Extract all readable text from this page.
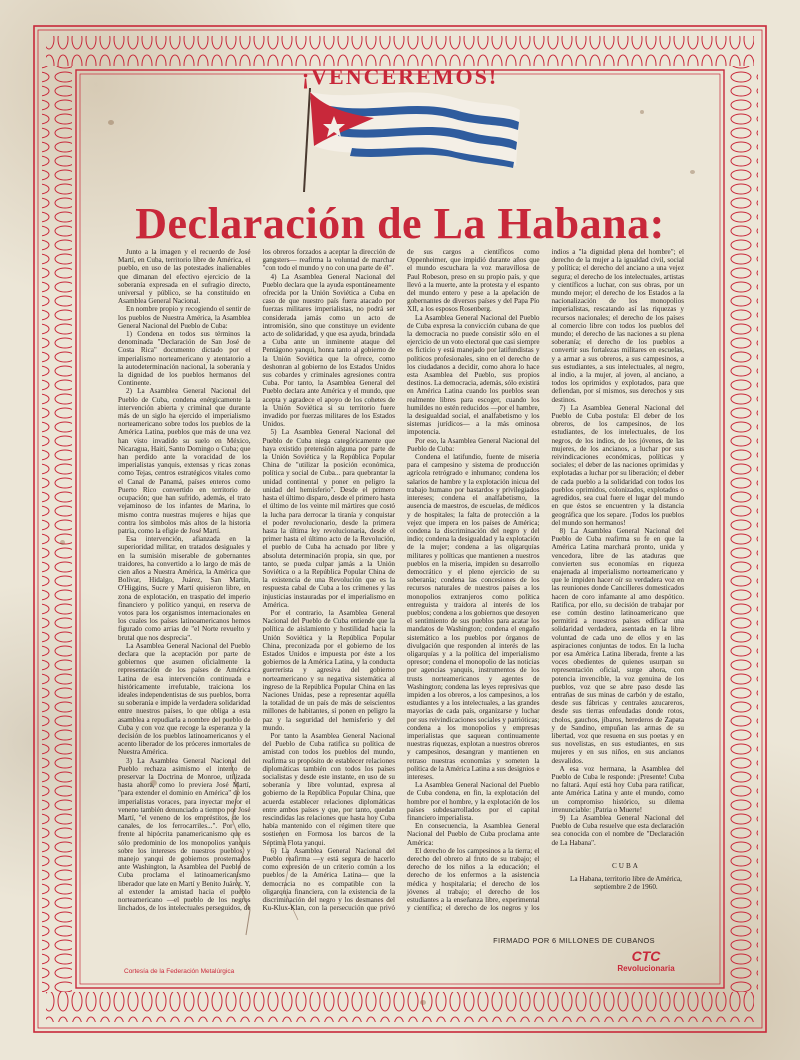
¡VENCEREMOS!
Declaración de La Habana:

Junto a la imagen y el recuerdo de José Martí, en Cuba, territorio libre de América, el pueblo, en uso de las potestades inalienables que dimanan del efectivo ejercicio de la soberanía expresada en el sufragio directo, universal y público, se ha constituido en Asamblea General Nacional.

En nombre propio y recogiendo el sentir de los pueblos de Nuestra América, la Asamblea General Nacional del Pueblo de Cuba:

1) Condena en todos sus términos la denominada "Declaración de San José de Costa Rica" documento dictado por el imperialismo norteamericano y atentatorio a la autodeterminación nacional, la soberanía y la dignidad de los pueblos hermanos del Continente.

2) La Asamblea General Nacional del Pueblo de Cuba, condena enérgicamente la intervención abierta y criminal que durante más de un siglo ha ejercido el imperialismo norteamericano sobre todos los pueblos de la América Latina, pueblos que más de una vez han visto invadido su suelo en México, Nicaragua, Haití, Santo Domingo o Cuba; que han perdido ante la voracidad de los imperialistas yanquis, extensas y ricas zonas como Tejas, centros estratégicos vitales como el Canal de Panamá, países enteros como Puerto Rico convertido en territorio de ocupación; que han sufrido, además, el trato vejaminoso de los infantes de Marina, lo mismo contra nuestras mujeres e hijas que contra los símbolos más altos de la historia patria, como la efigie de José Martí.

Esa intervención, afianzada en la superioridad militar, en tratados desiguales y en la sumisión miserable de gobernantes traidores, ha convertido a lo largo de más de cien años a Nuestra América, la América que Bolívar, Hidalgo, Juárez, San Martín, O'Higgins, Sucre y Martí quisieron libre, en zona de explotación, en traspatio del imperio financiero y político yanqui, en reserva de votos para los organismos internacionales en los cuales los países latinoamericanos hemos figurado como arrias de "el Norte revuelto y brutal que nos desprecia".

La Asamblea General Nacional del Pueblo declara que la aceptación por parte de gobiernos que asumen oficialmente la representación de los países de América Latina de esa intervención continuada e históricamente irrefutable, traiciona los ideales independentistas de sus pueblos, borra su soberanía e impide la verdadera solidaridad entre nuestros países, lo que obliga a esta asamblea a repudiarla a nombre del pueblo de Cuba y con voz que recoge la esperanza y la decisión de los pueblos latinoamericanos y el acento liberador de los próceres inmortales de Nuestra América.

3) La Asamblea General Nacional del Pueblo rechaza asimismo el intento de preservar la Doctrina de Monroe, utilizada hasta ahora, como lo previera José Martí, "para extender el dominio en América" de los imperialistas voraces, para inyectar mejor el veneno también denunciado a tiempo por José Martí, "el veneno de los empréstitos, de los canales, de los ferrocarriles...". Por ello, frente al hipócrita panamericanismo que es sólo predominio de los monopolios yanquis sobre los intereses de nuestros pueblos y manejo yanqui de gobiernos prosternados ante Washington, la Asamblea del Pueblo de Cuba proclama el latinoamericanismo liberador que late en Martí y Benito Juárez. Y, al extender la amistad hacia el pueblo norteamericano —el pueblo de los negros linchados, de los intelectuales perseguidos, de los obreros forzados a aceptar la dirección de gangsters— reafirma la voluntad de marchar "con todo el mundo y no con una parte de él".

4) La Asamblea General Nacional del Pueblo declara que la ayuda espontáneamente ofrecida por la Unión Soviética a Cuba en caso de que nuestro país fuera atacado por fuerzas militares imperialistas, no podrá ser considerada jamás como un acto de intromisión, sino que constituye un evidente acto de solidaridad, y que esa ayuda, brindada a Cuba ante un inminente ataque del Pentágono yanqui, honra tanto al gobierno de la Unión Soviética que la ofrece, como deshonran al gobierno de los Estados Unidos sus cobardes y criminales agresiones contra Cuba. Por tanto, la Asamblea General del Pueblo declara ante América y el mundo, que acepta y agradece el apoyo de los cohetes de la Unión Soviética si su territorio fuere invadido por fuerzas militares de los Estados Unidos.

5) La Asamblea General Nacional del Pueblo de Cuba niega categóricamente que haya existido pretensión alguna por parte de la Unión Soviética y la República Popular China de "utilizar la posición económica, política y social de Cuba... para quebrantar la unidad continental y poner en peligro la unidad del hemisferio". Desde el primero hasta el último disparo, desde el primero hasta el último de los veinte mil mártires que costó la lucha para derrocar la tiranía y conquistar el poder revolucionario, desde la primera hasta la última ley revolucionaria, desde el primer hasta el último acto de la Revolución, el pueblo de Cuba ha actuado por libre y absoluta determinación propia, sin que, por tanto, se pueda culpar jamás a la Unión Soviética o a la República Popular China de la existencia de una Revolución que es la respuesta cabal de Cuba a los crímenes y las injusticias instauradas por el imperialismo en América.

Por el contrario, la Asamblea General Nacional del Pueblo de Cuba entiende que la política de aislamiento y hostilidad hacia la Unión Soviética y la República Popular China, preconizada por el gobierno de los Estados Unidos e impuesta por éste a los gobiernos de la América Latina, y la conducta guerrerista y agresiva del gobierno norteamericano y su negativa sistemática al ingreso de la República Popular China en las Naciones Unidas, pese a representar aquélla la totalidad de un país de más de seiscientos millones de habitantes, sí ponen en peligro la paz y la seguridad del hemisferio y del mundo.

Por tanto la Asamblea General Nacional del Pueblo de Cuba ratifica su política de amistad con todos los pueblos del mundo, reafirma su propósito de establecer relaciones diplomáticas también con todos los países socialistas y desde este instante, en uso de su soberanía y libre voluntad, expresa al gobierno de la República Popular China, que acuerda establecer relaciones diplomáticas entre ambos países y que, por tanto, quedan rescindidas las relaciones que hasta hoy Cuba había mantenido con el régimen títere que sostienen en Formosa los barcos de la Séptima Flota yanqui.

6) La Asamblea General Nacional del Pueblo reafirma —y está segura de hacerlo como expresión de un criterio común a los pueblos de la América Latina— que la democracia no es compatible con la oligarquía financiera, con la existencia de la discriminación del negro y los desmanes del Ku-Klux-Klan, con la persecución que privó de sus cargos a científicos como Oppenheimer, que impidió durante años que el mundo escuchara la voz maravillosa de Paul Robeson, preso en su propio país, y que llevó a la muerte, ante la protesta y el espanto del mundo entero y pese a la apelación de gobernantes de diversos países y del Papa Pío XII, a los esposos Rosenberg.

La Asamblea General Nacional del Pueblo de Cuba expresa la convicción cubana de que la democracia no puede consistir sólo en el ejercicio de un voto electoral que casi siempre es ficticio y está manejado por latifundistas y políticos profesionales, sino en el derecho de los ciudadanos a decidir, como ahora lo hace esta Asamblea del Pueblo, sus propios destinos. La democracia, además, sólo existirá en América Latina cuando los pueblos sean realmente libres para escoger, cuando los humildes no estén reducidos —por el hambre, la desigualdad social, el analfabetismo y los sistemas jurídicos— a la más ominosa impotencia.

Por eso, la Asamblea General Nacional del Pueblo de Cuba:

Condena el latifundio, fuente de miseria para el campesino y sistema de producción agrícola retrógrado e inhumano; condena los salarios de hambre y la explotación inicua del trabajo humano por bastardos y privilegiados intereses; condena el analfabetismo, la ausencia de maestros, de escuelas, de médicos y de hospitales; la falta de protección a la vejez que impera en los países de América; condena la discriminación del negro y del indio; condena la desigualdad y la explotación de la mujer; condena a las oligarquías militares y políticas que mantienen a nuestros pueblos en la miseria, impiden su desarrollo democrático y el pleno ejercicio de su soberanía; condena las concesiones de los recursos naturales de nuestros países a los monopolios extranjeros como política entreguista y traidora al interés de los pueblos; condena a los gobiernos que desoyen el sentimiento de sus pueblos para acatar los mandatos de Washington; condena el engaño sistemático a los pueblos por órganos de divulgación que responden al interés de las oligarquías y a la política del imperialismo opresor; condena el monopolio de las noticias por agencias yanquis, instrumentos de los trusts norteamericanos y agentes de Washington; condena las leyes represivas que impiden a los obreros, a los campesinos, a los estudiantes y a los intelectuales, a las grandes mayorías de cada país, organizarse y luchar por sus reivindicaciones sociales y patrióticas; condena a los monopolios y empresas imperialistas que saquean continuamente nuestras riquezas, explotan a nuestros obreros y campesinos, desangran y mantienen en retraso nuestras economías y someten la política de la América Latina a sus designios e intereses.

La Asamblea General Nacional del Pueblo de Cuba condena, en fin, la explotación del hombre por el hombre, y la explotación de los países subdesarrollados por el capital financiero imperialista.

En consecuencia, la Asamblea General Nacional del Pueblo de Cuba proclama ante América:

El derecho de los campesinos a la tierra; el derecho del obrero al fruto de su trabajo; el derecho de los niños a la educación; el derecho de los enfermos a la asistencia médica y hospitalaria; el derecho de los jóvenes al trabajo; el derecho de los estudiantes a la enseñanza libre, experimental y científica; el derecho de los negros y los indios a "la dignidad plena del hombre"; el derecho de la mujer a la igualdad civil, social y política; el derecho del anciano a una vejez segura; el derecho de los intelectuales, artistas y científicos a luchar, con sus obras, por un mundo mejor; el derecho de los Estados a la nacionalización de los monopolios imperialistas, rescatando así las riquezas y recursos nacionales; el derecho de los países al comercio libre con todos los pueblos del mundo; el derecho de las naciones a su plena soberanía; el derecho de los pueblos a convertir sus fortalezas militares en escuelas, y a armar a sus obreros, a sus campesinos, a sus estudiantes, a sus intelectuales, al negro, al indio, a la mujer, al joven, al anciano, a todos los oprimidos y explotados, para que defiendan, por sí mismos, sus derechos y sus destinos.

7) La Asamblea General Nacional del Pueblo de Cuba postula: El deber de los obreros, de los campesinos, de los estudiantes, de los intelectuales, de los negros, de los indios, de los jóvenes, de las mujeres, de los ancianos, a luchar por sus reivindicaciones económicas, políticas y sociales; el deber de las naciones oprimidas y explotadas a luchar por su liberación; el deber de cada pueblo a la solidaridad con todos los pueblos oprimidos, colonizados, explotados o agredidos, sea cual fuere el lugar del mundo en que éstos se encuentren y la distancia geográfica que los separe. ¡Todos los pueblos del mundo son hermanos!

8) La Asamblea General Nacional del Pueblo de Cuba reafirma su fe en que la América Latina marchará pronto, unida y vencedora, libre de las ataduras que convierten sus economías en riqueza enajenada al imperialismo norteamericano y que le impiden hacer oír su verdadera voz en las reuniones donde Cancilleres domesticados hacen de coro infamante al amo despótico. Ratifica, por ello, su decisión de trabajar por ese común destino latinoamericano que permitirá a nuestros países edificar una solidaridad verdadera, asentada en la libre voluntad de cada uno de ellos y en las aspiraciones conjuntas de todos. En la lucha por esa América Latina liberada, frente a las voces obedientes de quienes usurpan su representación oficial, surge ahora, con potencia invencible, la voz genuina de los pueblos, voz que se abre paso desde las entrañas de sus minas de carbón y de estaño, desde sus fábricas y centrales azucareros, desde sus tierras enfeudadas donde rotos, cholos, gauchos, jíbaros, herederos de Zapata y de Sandino, empuñan las armas de su libertad, voz que resuena en sus poetas y en sus novelistas, en sus estudiantes, en sus mujeres y en sus niños, en sus ancianos desvalidos.

A esa voz hermana, la Asamblea del Pueblo de Cuba le responde: ¡Presente! Cuba no faltará. Aquí está hoy Cuba para ratificar, ante América Latina y ante el mundo, como un compromiso histórico, su dilema irrenunciable: ¡Patria o Muerte!

9) La Asamblea General Nacional del Pueblo de Cuba resuelve que esta declaración sea conocida con el nombre de "Declaración de La Habana".

CUBA
La Habana, territorio libre de América, septiembre 2 de 1960.
FIRMADO POR 6 MILLONES DE CUBANOS
Cortesía de la Federación Metalúrgica
CTC
Revolucionaria
